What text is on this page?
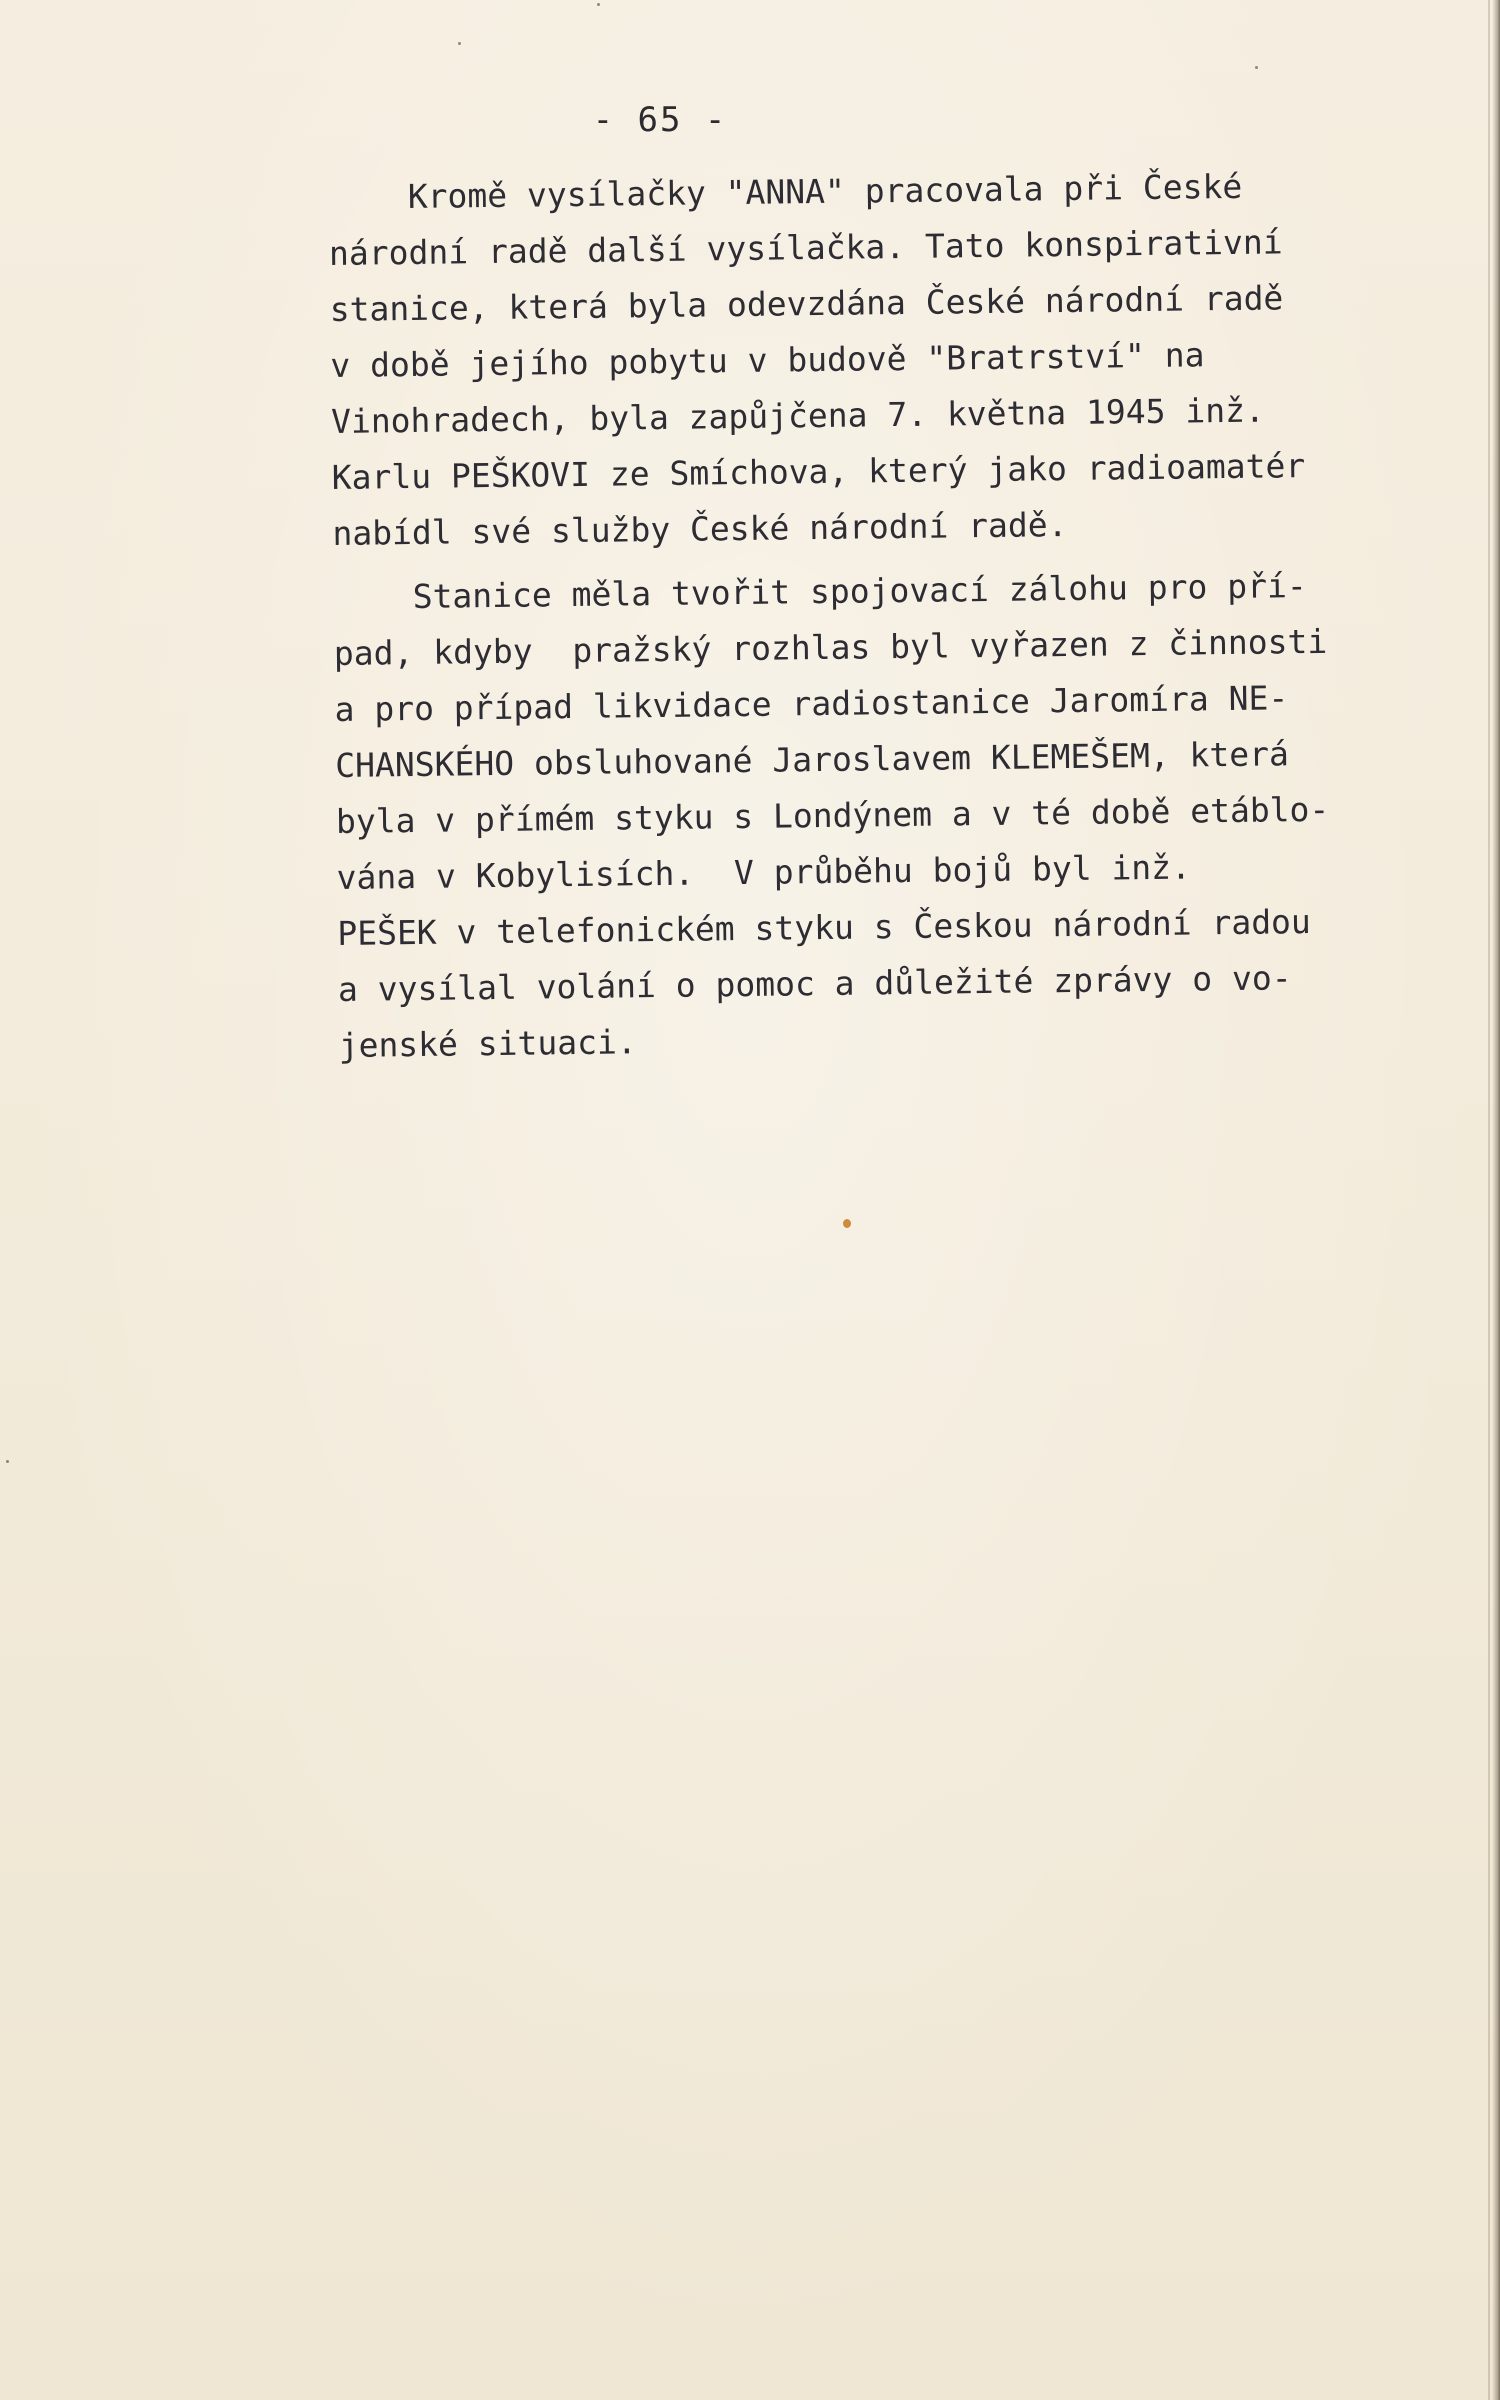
- 65 -

Kromě vysílačky "ANNA" pracovala při České
národní radě další vysílačka. Tato konspirativní
stanice, která byla odevzdána České národní radě
v době jejího pobytu v budově "Bratrství" na
Vinohradech, byla zapůjčena 7. května 1945 inž.
Karlu PEŠKOVI ze Smíchova, který jako radioamatér
nabídl své služby České národní radě.

Stanice měla tvořit spojovací zálohu pro pří-
pad, kdyby  pražský rozhlas byl vyřazen z činnosti
a pro případ likvidace radiostanice Jaromíra NE-
CHANSKÉHO obsluhované Jaroslavem KLEMEŠEM, která
byla v přímém styku s Londýnem a v té době etáblo-
vána v Kobylisích.  V průběhu bojů byl inž.
PEŠEK v telefonickém styku s Českou národní radou
a vysílal volání o pomoc a důležité zprávy o vo-
jenské situaci.
